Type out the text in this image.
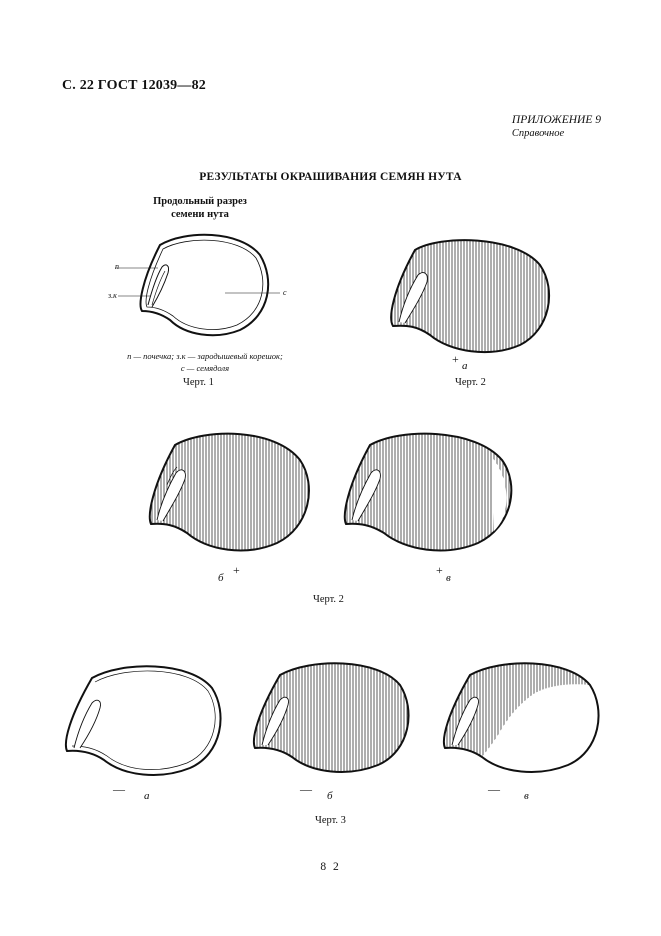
С. 22 ГОСТ 12039—82
ПРИЛОЖЕНИЕ 9
Справочное
РЕЗУЛЬТАТЫ ОКРАШИВАНИЯ СЕМЯН НУТА
Продольный разрез
семени нута
п
з.к	с
п — почечка; з.к — зародышевый корешок;
с — семядоля
Черт. 1
+ а
Черт. 2
+
б
+
в
Черт. 2
— а	— б	— в
Черт. 3
8 2
